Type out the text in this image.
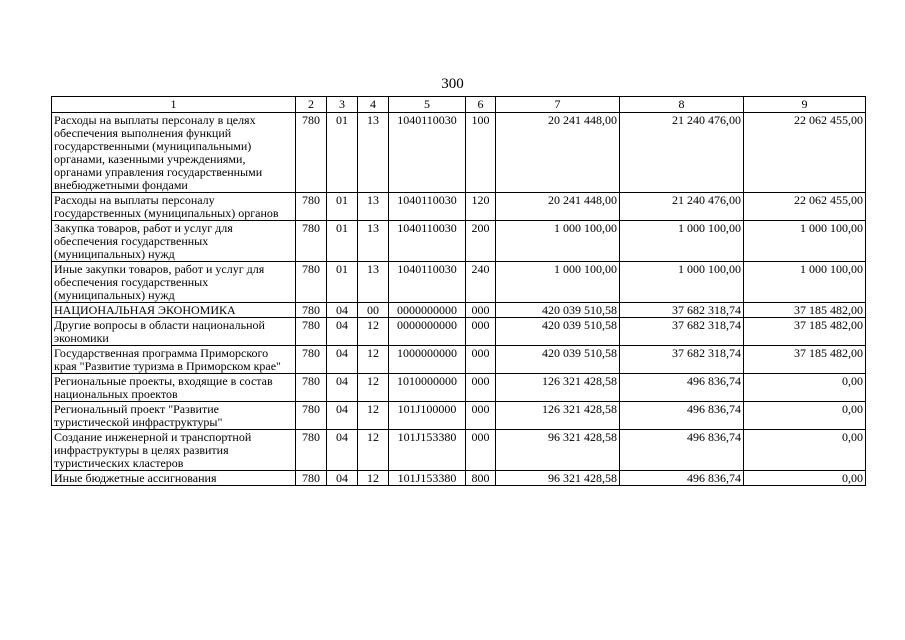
300
1	2	3	4	5	6	7	8	9
Расходы на выплаты персоналу в целях обеспечения выполнения функций государственными (муниципальными) органами, казенными учреждениями, органами управления государственными внебюджетными фондами	780	01	13	1040110030	100	20 241 448,00	21 240 476,00	22 062 455,00
Расходы на выплаты персоналу государственных (муниципальных) органов	780	01	13	1040110030	120	20 241 448,00	21 240 476,00	22 062 455,00
Закупка товаров, работ и услуг для обеспечения государственных (муниципальных) нужд	780	01	13	1040110030	200	1 000 100,00	1 000 100,00	1 000 100,00
Иные закупки товаров, работ и услуг для обеспечения государственных (муниципальных) нужд	780	01	13	1040110030	240	1 000 100,00	1 000 100,00	1 000 100,00
НАЦИОНАЛЬНАЯ ЭКОНОМИКА	780	04	00	0000000000	000	420 039 510,58	37 682 318,74	37 185 482,00
Другие вопросы в области национальной экономики	780	04	12	0000000000	000	420 039 510,58	37 682 318,74	37 185 482,00
Государственная программа Приморского края "Развитие туризма в Приморском крае"	780	04	12	1000000000	000	420 039 510,58	37 682 318,74	37 185 482,00
Региональные проекты, входящие в состав национальных проектов	780	04	12	1010000000	000	126 321 428,58	496 836,74	0,00
Региональный проект "Развитие туристической инфраструктуры"	780	04	12	101J100000	000	126 321 428,58	496 836,74	0,00
Создание инженерной и транспортной инфраструктуры в целях развития туристических кластеров	780	04	12	101J153380	000	96 321 428,58	496 836,74	0,00
Иные бюджетные ассигнования	780	04	12	101J153380	800	96 321 428,58	496 836,74	0,00
